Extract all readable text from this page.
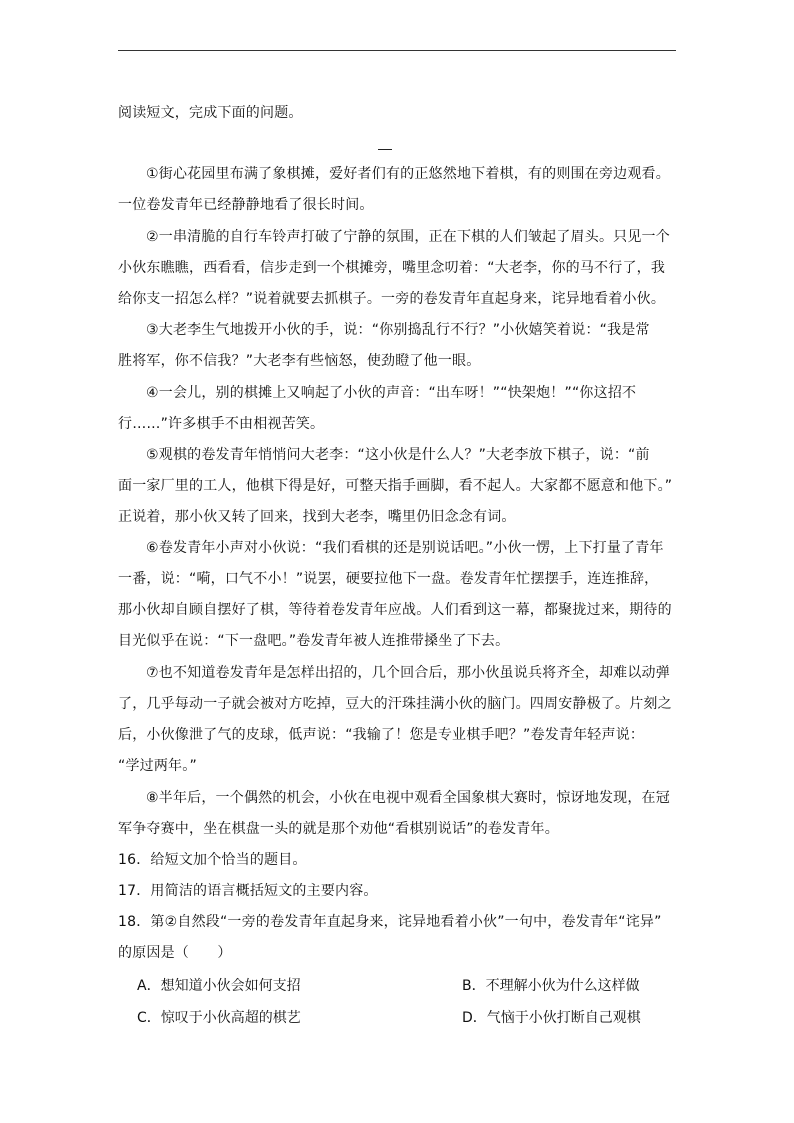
阅读短文，完成下面的问题。
①街心花园里布满了象棋摊，爱好者们有的正悠然地下着棋，有的则围在旁边观看。
一位卷发青年已经静静地看了很长时间。
②一串清脆的自行车铃声打破了宁静的氛围，正在下棋的人们皱起了眉头。只见一个
小伙东瞧瞧，西看看，信步走到一个棋摊旁，嘴里念叨着：“大老李，你的马不行了，我
给你支一招怎么样？”说着就要去抓棋子。一旁的卷发青年直起身来，诧异地看着小伙。
③大老李生气地拨开小伙的手，说：“你别捣乱行不行？”小伙嬉笑着说：“我是常
胜将军，你不信我？”大老李有些恼怒，使劲瞪了他一眼。
④一会儿，别的棋摊上又响起了小伙的声音：“出车呀！”“快架炮！”“你这招不
行……”许多棋手不由相视苦笑。
⑤观棋的卷发青年悄悄问大老李：“这小伙是什么人？”大老李放下棋子，说：“前
面一家厂里的工人，他棋下得是好，可整天指手画脚，看不起人。大家都不愿意和他下。”
正说着，那小伙又转了回来，找到大老李，嘴里仍旧念念有词。
⑥卷发青年小声对小伙说：“我们看棋的还是别说话吧。”小伙一愣，上下打量了青年
一番，说：“嗬，口气不小！”说罢，硬要拉他下一盘。卷发青年忙摆摆手，连连推辞，
那小伙却自顾自摆好了棋，等待着卷发青年应战。人们看到这一幕，都聚拢过来，期待的
目光似乎在说：“下一盘吧。”卷发青年被人连推带搡坐了下去。
⑦也不知道卷发青年是怎样出招的，几个回合后，那小伙虽说兵将齐全，却难以动弹
了，几乎每动一子就会被对方吃掉，豆大的汗珠挂满小伙的脑门。四周安静极了。片刻之
后，小伙像泄了气的皮球，低声说：“我输了！您是专业棋手吧？”卷发青年轻声说：
“学过两年。”
⑧半年后，一个偶然的机会，小伙在电视中观看全国象棋大赛时，惊讶地发现，在冠
军争夺赛中，坐在棋盘一头的就是那个劝他“看棋别说话”的卷发青年。
16．给短文加个恰当的题目。
17．用简洁的语言概括短文的主要内容。
18．第②自然段“一旁的卷发青年直起身来，诧异地看着小伙”一句中，卷发青年“诧异”
的原因是（　　）
A．想知道小伙会如何支招	B．不理解小伙为什么这样做
C．惊叹于小伙高超的棋艺	D．气恼于小伙打断自己观棋
